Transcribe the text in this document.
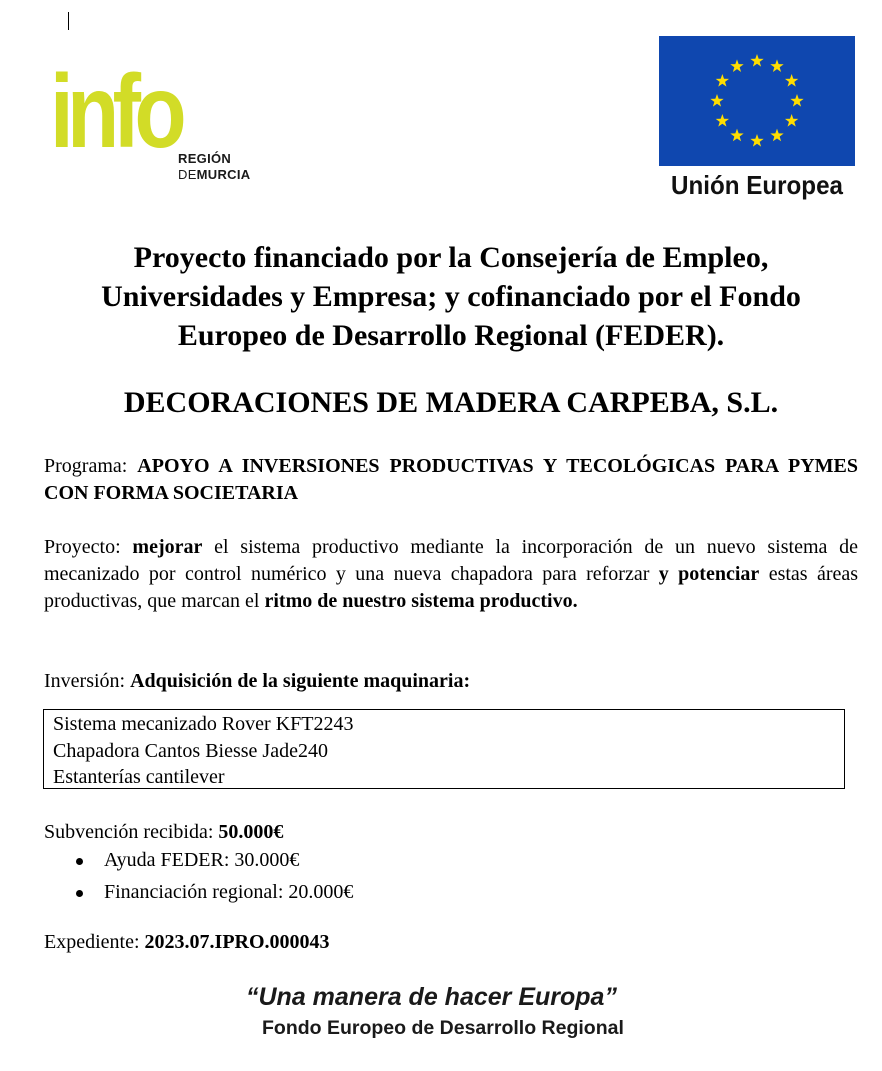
info
REGIÓN
DEMURCIA	Unión Europea
Proyecto financiado por la Consejería de Empleo,
Universidades y Empresa; y cofinanciado por el Fondo
Europeo de Desarrollo Regional (FEDER).
DECORACIONES DE MADERA CARPEBA, S.L.
Programa: APOYO A INVERSIONES PRODUCTIVAS Y TECOLÓGICAS PARA PYMES CON FORMA SOCIETARIA
Proyecto: mejorar el sistema productivo mediante la incorporación de un nuevo sistema de mecanizado por control numérico y una nueva chapadora para reforzar y potenciar estas áreas productivas, que marcan el ritmo de nuestro sistema productivo.
Inversión: Adquisición de la siguiente maquinaria:
Sistema mecanizado Rover KFT2243
Chapadora Cantos Biesse Jade240
Estanterías cantilever
Subvención recibida: 50.000€
Ayuda FEDER: 30.000€
Financiación regional: 20.000€
Expediente: 2023.07.IPRO.000043
“Una manera de hacer Europa”
Fondo Europeo de Desarrollo Regional
